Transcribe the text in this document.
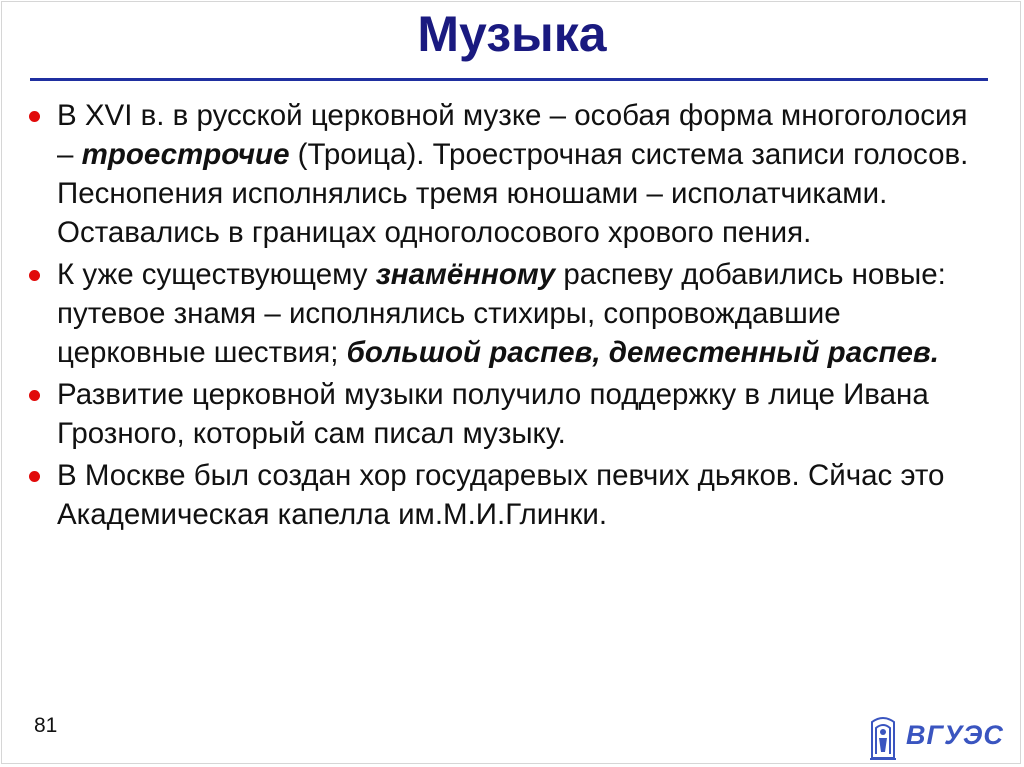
Музыка
В XVI в. в русской церковной музке – особая форма многоголосия – троестрочие (Троица). Троестрочная система записи голосов. Песнопения исполнялись тремя юношами – исполатчиками. Оставались в границах одноголосового хрового пения.
К уже существующему знамённому распеву добавились новые: путевое знамя – исполнялись стихиры, сопровождавшие церковные шествия; большой распев, деместенный распев.
Развитие церковной музыки получило поддержку в лице Ивана Грозного, который сам писал музыку.
В Москве был создан хор государевых певчих дьяков. Сйчас это Академическая капелла им.М.И.Глинки.
81	ВГУЭС
